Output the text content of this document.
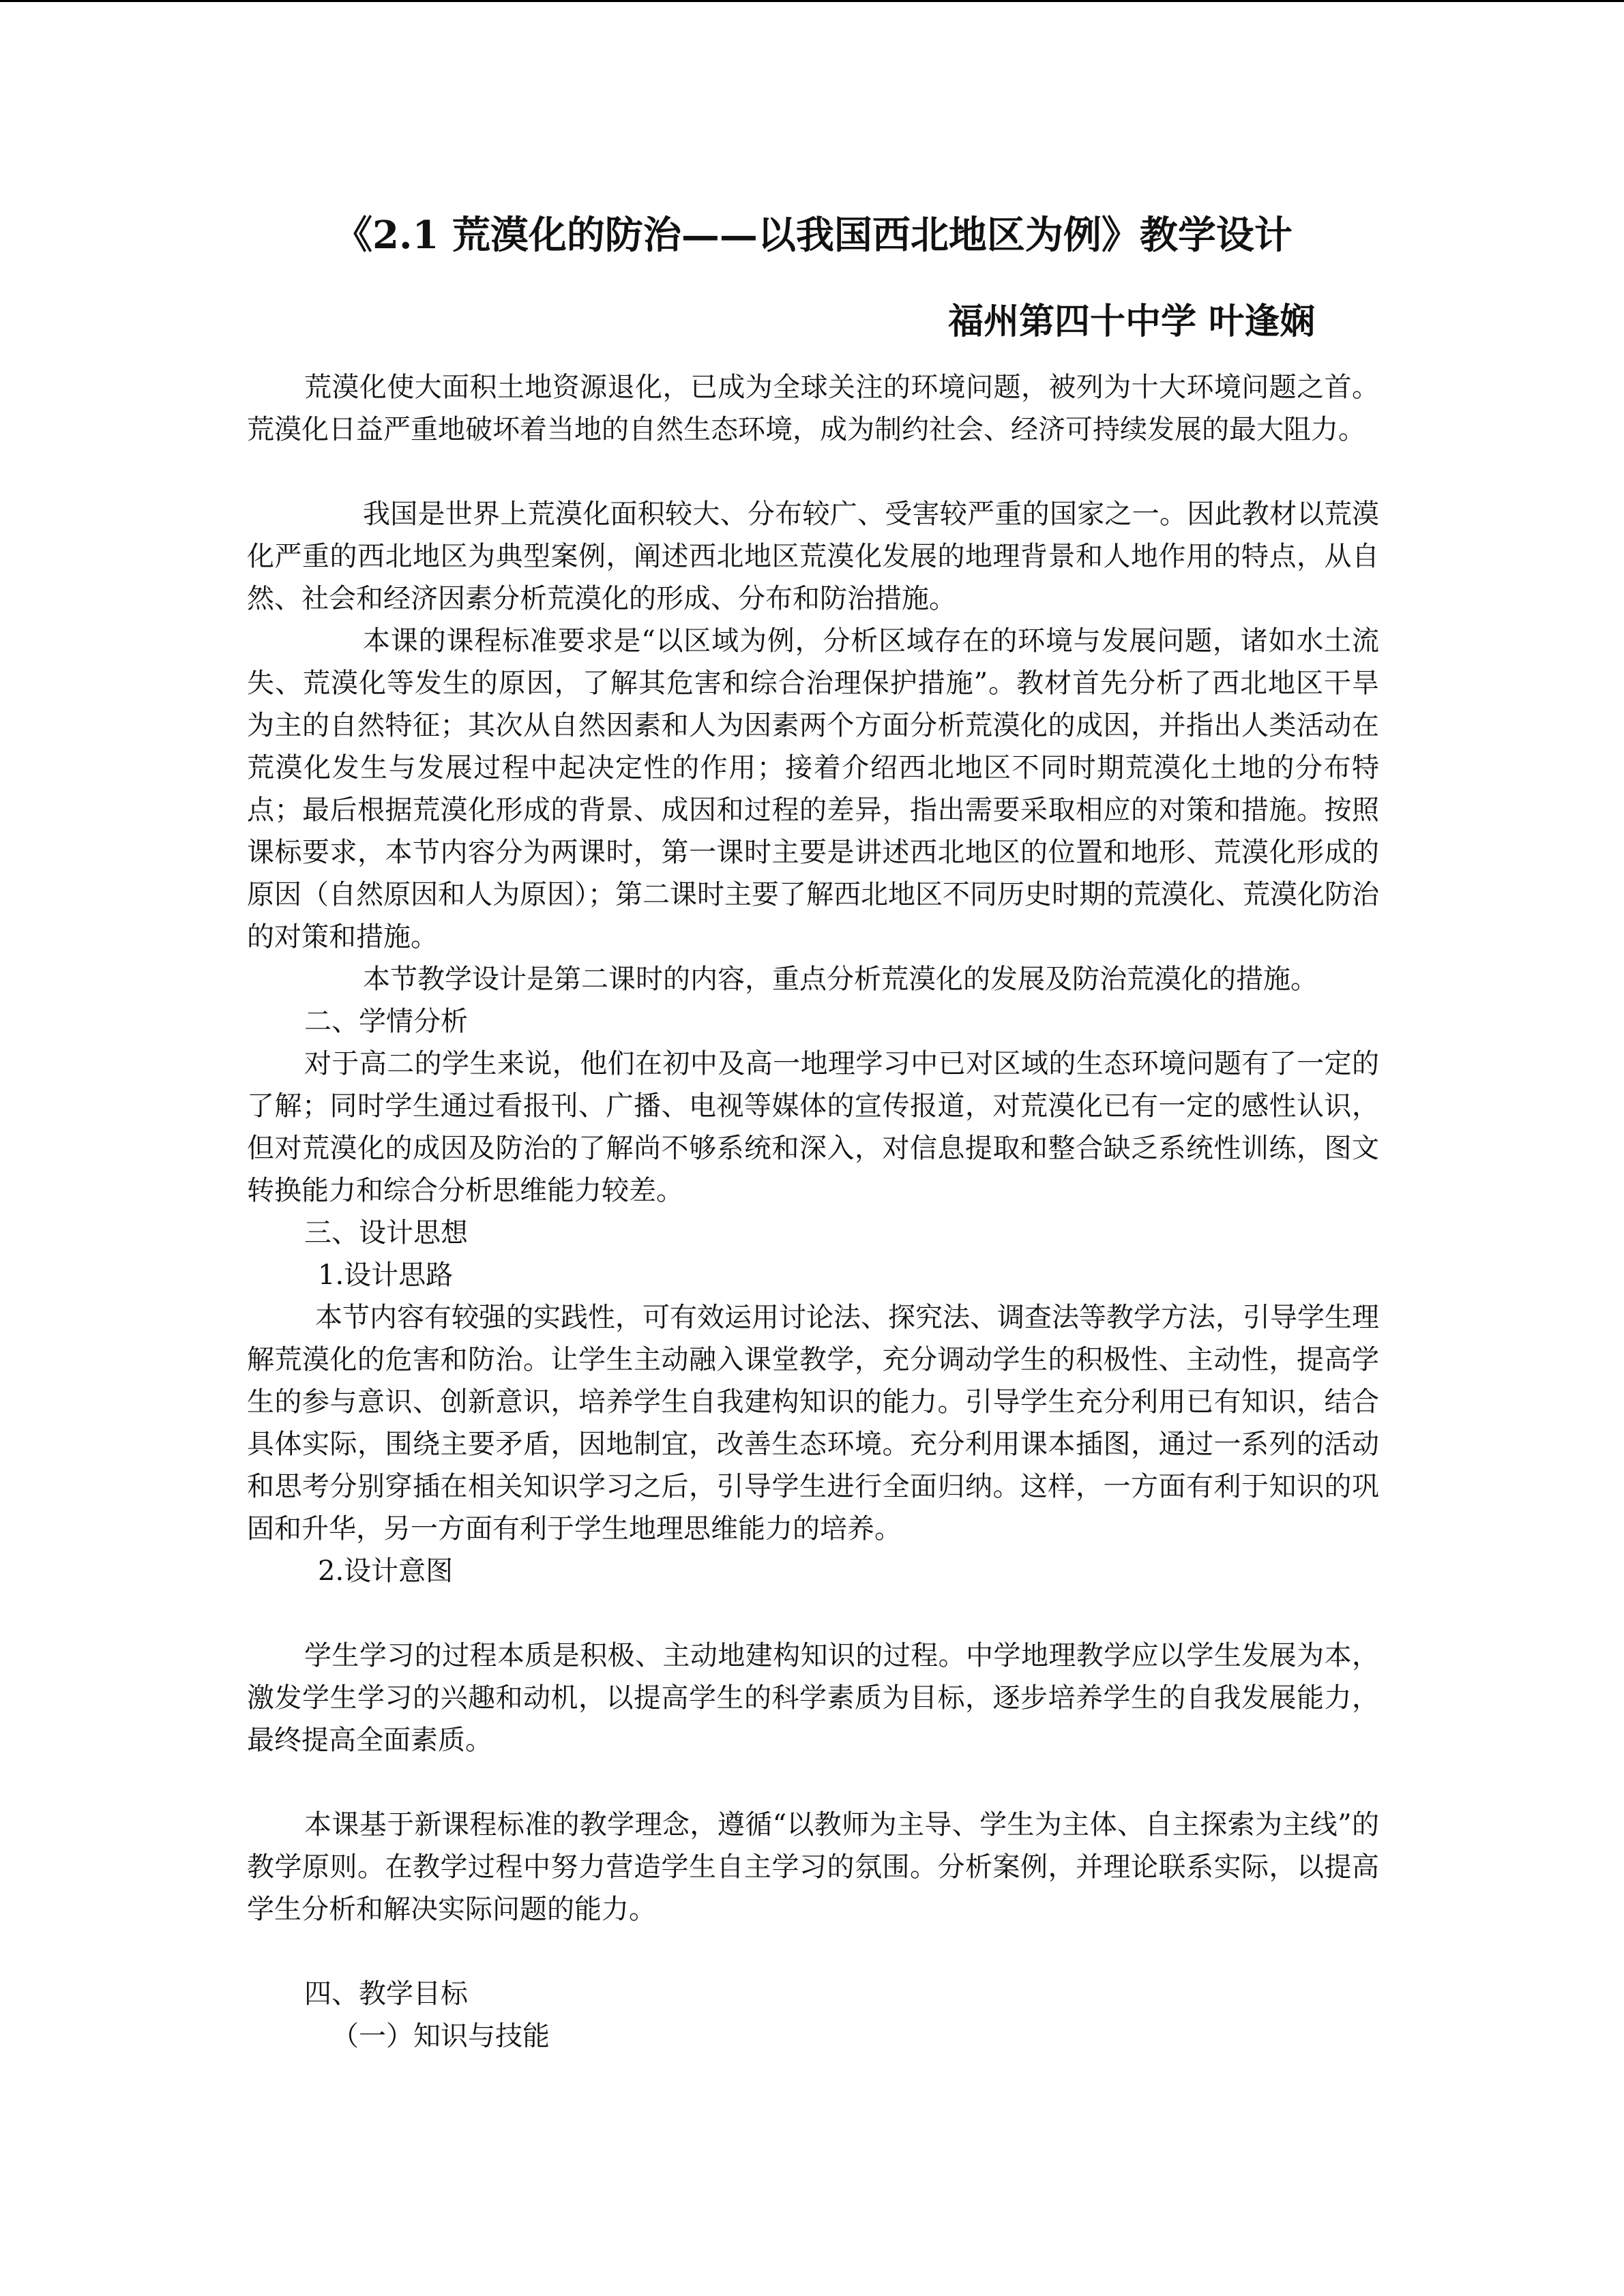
《2.1 荒漠化的防治——以我国西北地区为例》教学设计
福州第四十中学 叶逢娴
荒漠化使大面积土地资源退化，已成为全球关注的环境问题，被列为十大环境问题之首。荒漠化日益严重地破坏着当地的自然生态环境，成为制约社会、经济可持续发展的最大阻力。
我国是世界上荒漠化面积较大、分布较广、受害较严重的国家之一。因此教材以荒漠化严重的西北地区为典型案例，阐述西北地区荒漠化发展的地理背景和人地作用的特点，从自然、社会和经济因素分析荒漠化的形成、分布和防治措施。
本课的课程标准要求是“以区域为例，分析区域存在的环境与发展问题，诸如水土流失、荒漠化等发生的原因，了解其危害和综合治理保护措施”。教材首先分析了西北地区干旱为主的自然特征；其次从自然因素和人为因素两个方面分析荒漠化的成因，并指出人类活动在荒漠化发生与发展过程中起决定性的作用；接着介绍西北地区不同时期荒漠化土地的分布特点；最后根据荒漠化形成的背景、成因和过程的差异，指出需要采取相应的对策和措施。按照课标要求，本节内容分为两课时，第一课时主要是讲述西北地区的位置和地形、荒漠化形成的原因（自然原因和人为原因）；第二课时主要了解西北地区不同历史时期的荒漠化、荒漠化防治的对策和措施。
本节教学设计是第二课时的内容，重点分析荒漠化的发展及防治荒漠化的措施。
二、学情分析
对于高二的学生来说，他们在初中及高一地理学习中已对区域的生态环境问题有了一定的了解；同时学生通过看报刊、广播、电视等媒体的宣传报道，对荒漠化已有一定的感性认识，但对荒漠化的成因及防治的了解尚不够系统和深入，对信息提取和整合缺乏系统性训练，图文转换能力和综合分析思维能力较差。
三、设计思想
1.设计思路
本节内容有较强的实践性，可有效运用讨论法、探究法、调查法等教学方法，引导学生理解荒漠化的危害和防治。让学生主动融入课堂教学，充分调动学生的积极性、主动性，提高学生的参与意识、创新意识，培养学生自我建构知识的能力。引导学生充分利用已有知识，结合具体实际，围绕主要矛盾，因地制宜，改善生态环境。充分利用课本插图，通过一系列的活动和思考分别穿插在相关知识学习之后，引导学生进行全面归纳。这样，一方面有利于知识的巩固和升华，另一方面有利于学生地理思维能力的培养。
2.设计意图
学生学习的过程本质是积极、主动地建构知识的过程。中学地理教学应以学生发展为本，激发学生学习的兴趣和动机，以提高学生的科学素质为目标，逐步培养学生的自我发展能力，最终提高全面素质。
本课基于新课程标准的教学理念，遵循“以教师为主导、学生为主体、自主探索为主线”的教学原则。在教学过程中努力营造学生自主学习的氛围。分析案例，并理论联系实际，以提高学生分析和解决实际问题的能力。
四、教学目标
（一）知识与技能
